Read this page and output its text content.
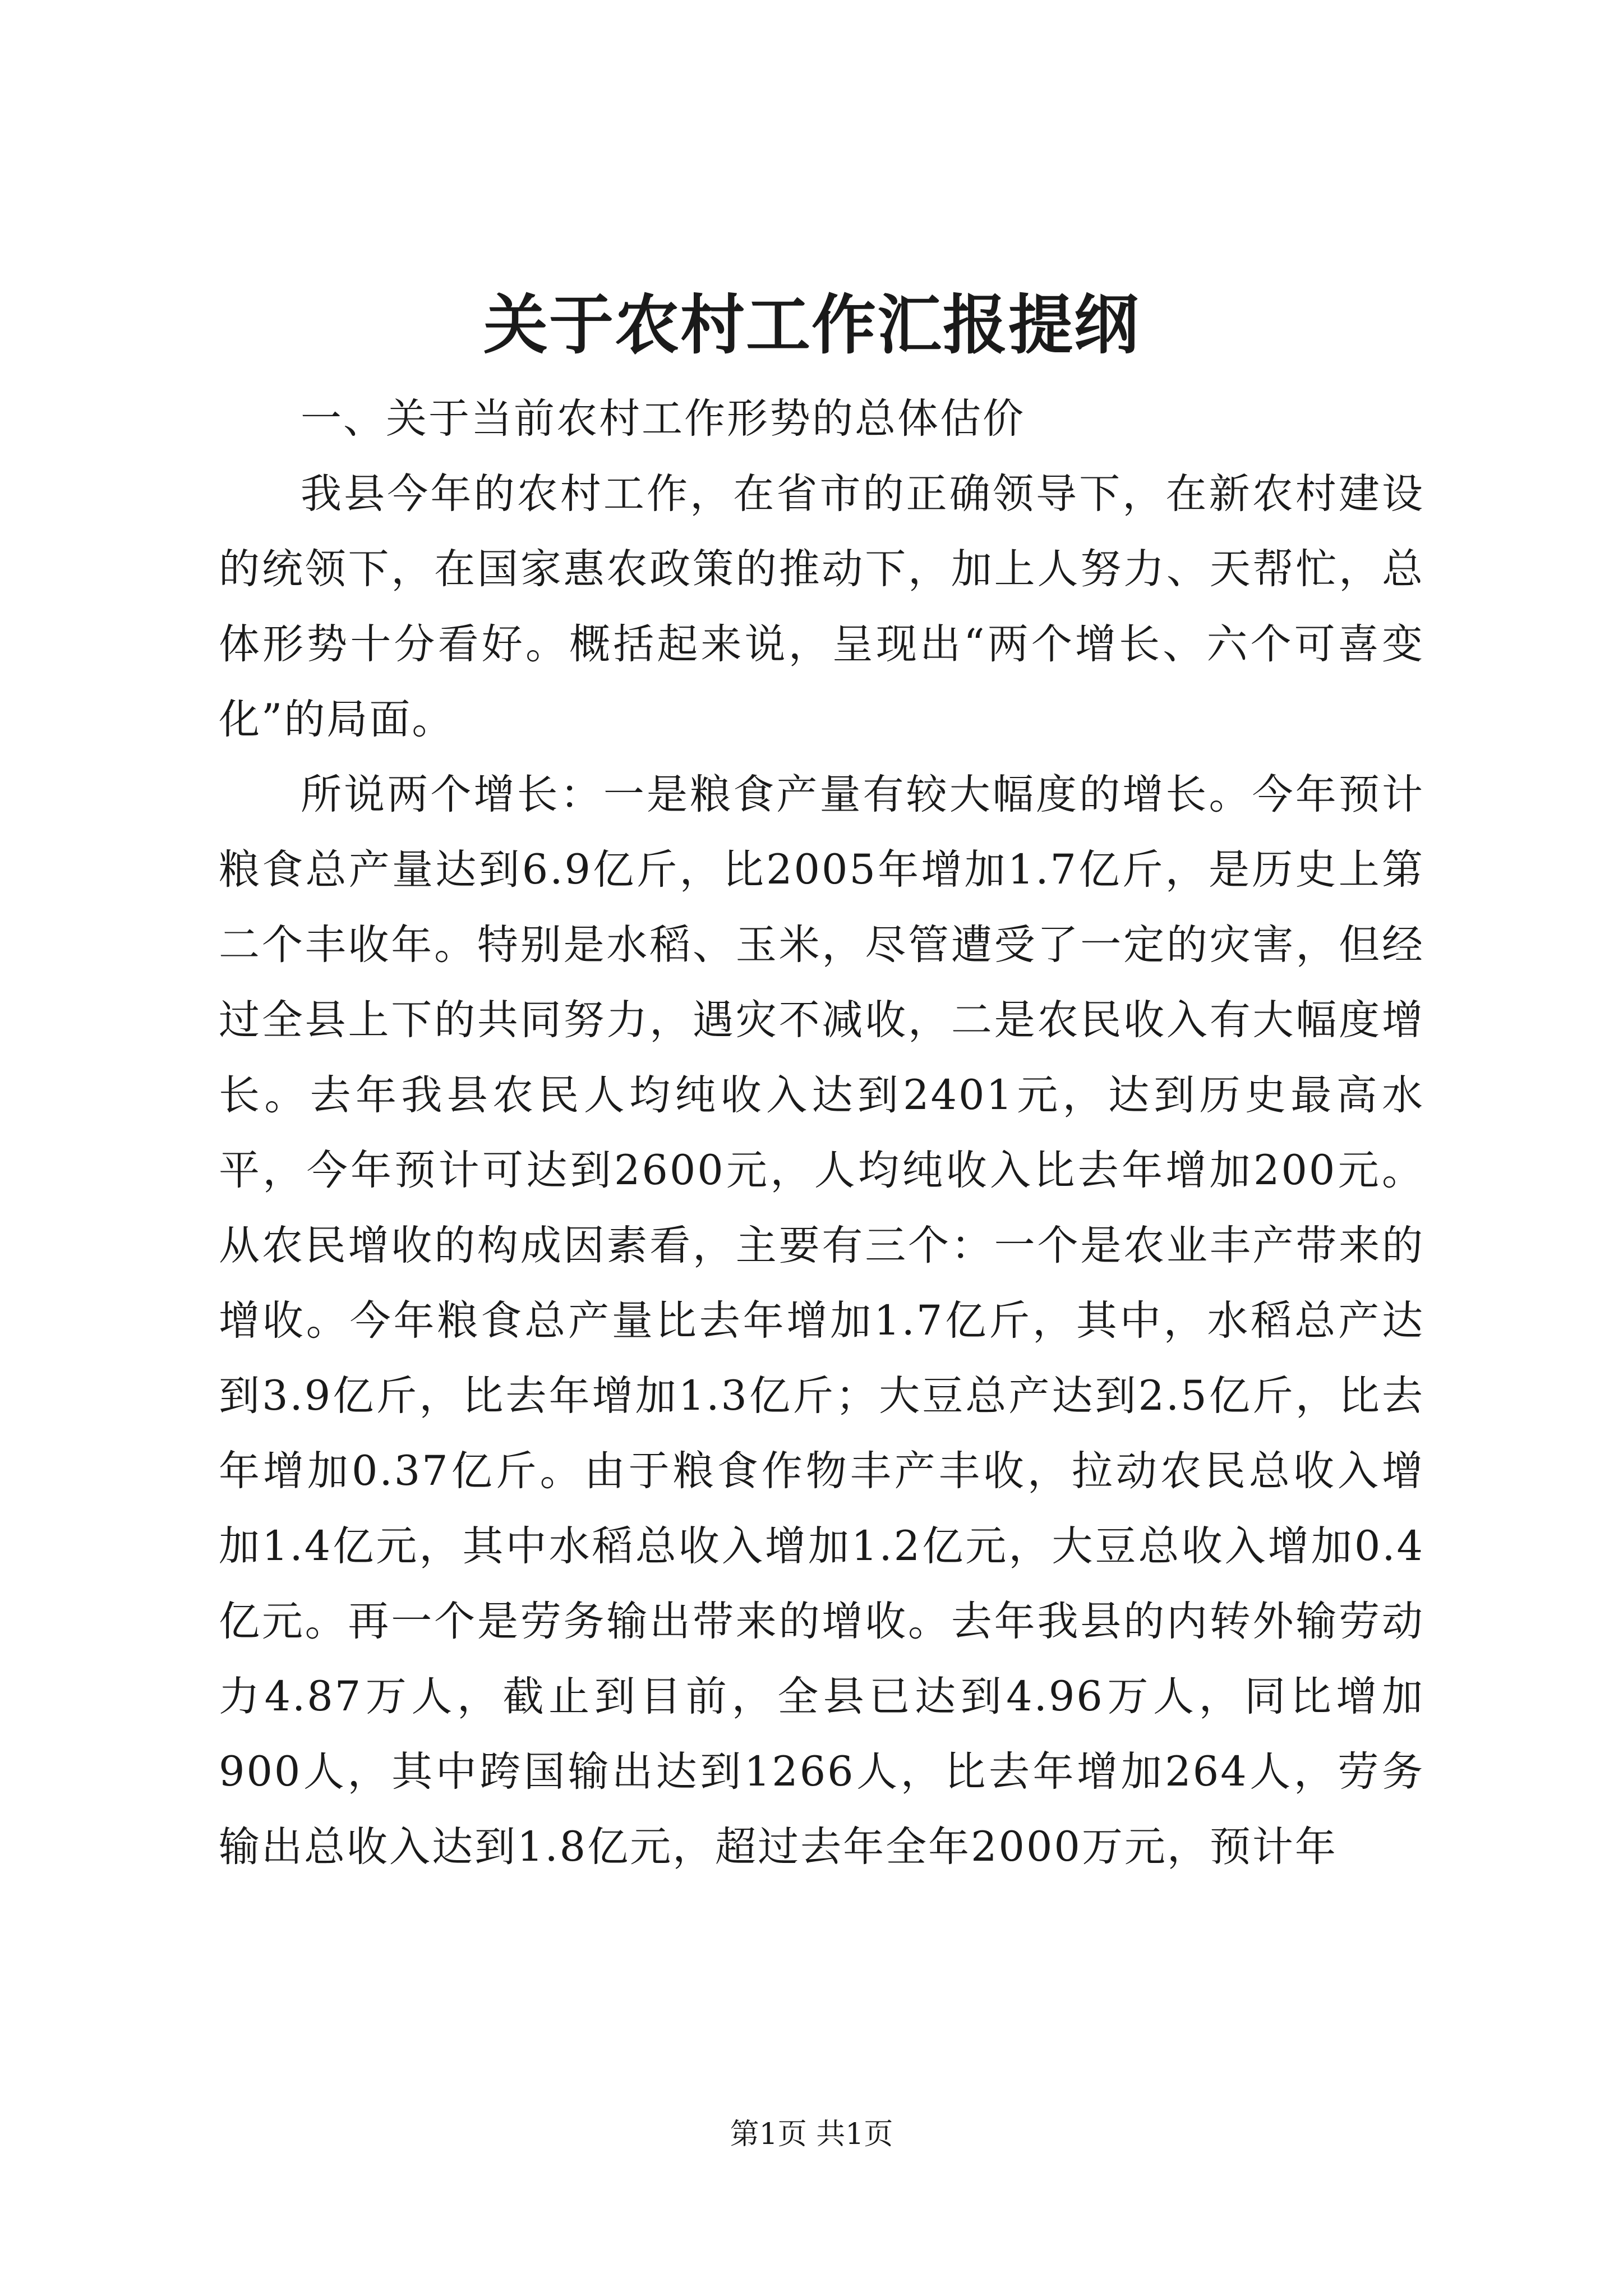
关于农村工作汇报提纲

一、关于当前农村工作形势的总体估价

我县今年的农村工作，在省市的正确领导下，在新农村建设的统领下，在国家惠农政策的推动下，加上人努力、天帮忙，总体形势十分看好。概括起来说，呈现出“两个增长、六个可喜变化”的局面。

所说两个增长：一是粮食产量有较大幅度的增长。今年预计粮食总产量达到6.9亿斤，比2005年增加1.7亿斤，是历史上第二个丰收年。特别是水稻、玉米，尽管遭受了一定的灾害，但经过全县上下的共同努力，遇灾不减收，二是农民收入有大幅度增长。去年我县农民人均纯收入达到2401元，达到历史最高水平，今年预计可达到2600元，人均纯收入比去年增加200元。从农民增收的构成因素看，主要有三个：一个是农业丰产带来的增收。今年粮食总产量比去年增加1.7亿斤，其中，水稻总产达到3.9亿斤，比去年增加1.3亿斤；大豆总产达到2.5亿斤，比去年增加0.37亿斤。由于粮食作物丰产丰收，拉动农民总收入增加1.4亿元，其中水稻总收入增加1.2亿元，大豆总收入增加0.4亿元。再一个是劳务输出带来的增收。去年我县的内转外输劳动力4.87万人，截止到目前，全县已达到4.96万人，同比增加900人，其中跨国输出达到1266人，比去年增加264人，劳务输出总收入达到1.8亿元，超过去年全年2000万元，预计年

第1页 共1页
